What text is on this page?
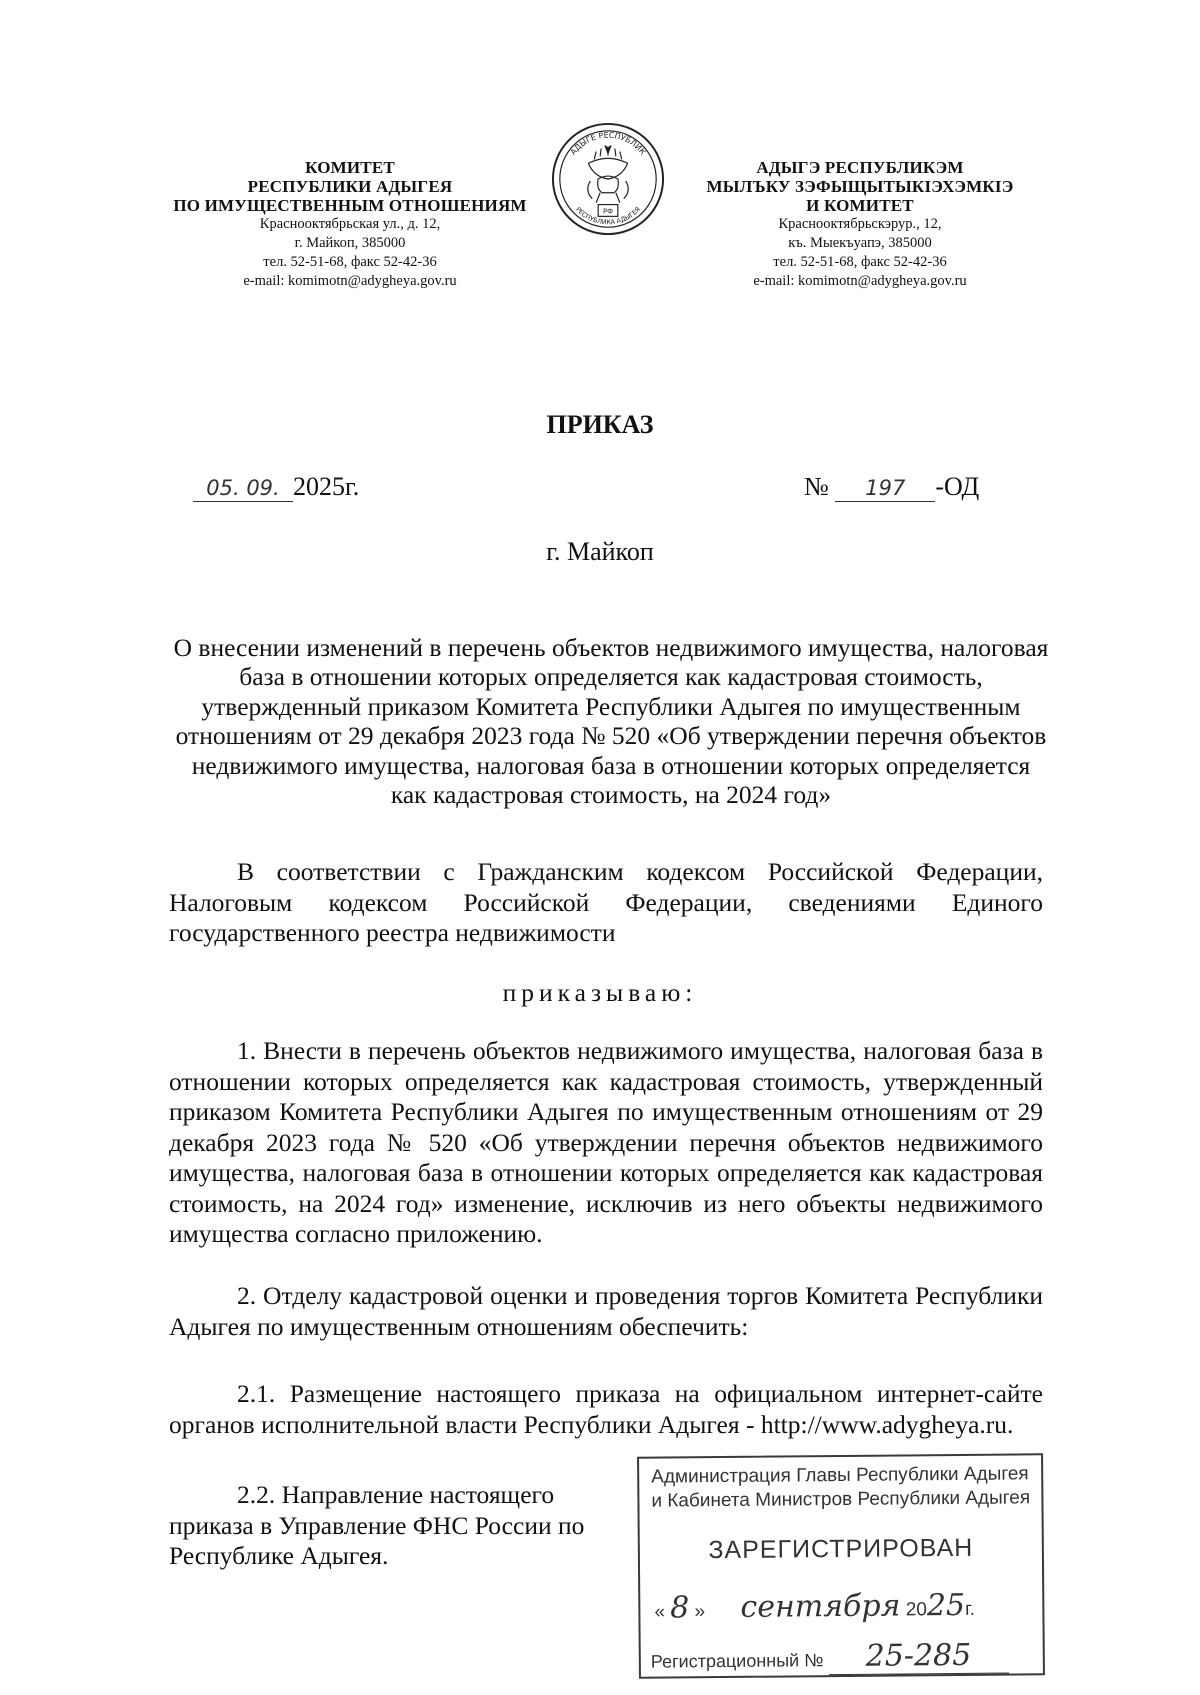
КОМИТЕТ
РЕСПУБЛИКИ АДЫГЕЯ
ПО ИМУЩЕСТВЕННЫМ ОТНОШЕНИЯМ
Краснооктябрьская ул., д. 12,
г. Майкоп, 385000
тел. 52-51-68, факс 52-42-36
e-mail: komimotn@adygheya.gov.ru
АДЫГЕ РЕСПУБЛИК
РЕСПУБЛИКА АДЫГЕЯ
РФ
АДЫГЭ РЕСПУБЛИКЭМ
МЫЛЪКУ ЗЭФЫЩЫТЫКІЭХЭМКІЭ
И КОМИТЕТ
Краснооктябрьскэрур., 12,
къ. Мыекъуапэ, 385000
тел. 52-51-68, факс 52-42-36
e-mail: komimotn@adygheya.gov.ru
ПРИКАЗ
05. 09. 2025г.	№ 197 -ОД
г. Майкоп
О внесении изменений в перечень объектов недвижимого имущества, налоговая база в отношении которых определяется как кадастровая стоимость, утвержденный приказом Комитета Республики Адыгея по имущественным отношениям от 29 декабря 2023 года № 520 «Об утверждении перечня объектов недвижимого имущества, налоговая база в отношении которых определяется как кадастровая стоимость, на 2024 год»
В соответствии с Гражданским кодексом Российской Федерации, Налоговым кодексом Российской Федерации, сведениями Единого государственного реестра недвижимости
приказываю:
1. Внести в перечень объектов недвижимого имущества, налоговая база в отношении которых определяется как кадастровая стоимость, утвержденный приказом Комитета Республики Адыгея по имущественным отношениям от 29 декабря 2023 года № 520 «Об утверждении перечня объектов недвижимого имущества, налоговая база в отношении которых определяется как кадастровая стоимость, на 2024 год» изменение, исключив из него объекты недвижимого имущества согласно приложению.
2. Отделу кадастровой оценки и проведения торгов Комитета Республики Адыгея по имущественным отношениям обеспечить:
2.1. Размещение настоящего приказа на официальном интернет-сайте органов исполнительной власти Республики Адыгея - http://www.adygheya.ru.
2.2. Направление настоящего приказа в Управление ФНС России по Республике Адыгея.
Администрация Главы Республики Адыгея
и Кабинета Министров Республики Адыгея
ЗАРЕГИСТРИРОВАН
« 8 » сентября 2025г.
Регистрационный № 25-285
